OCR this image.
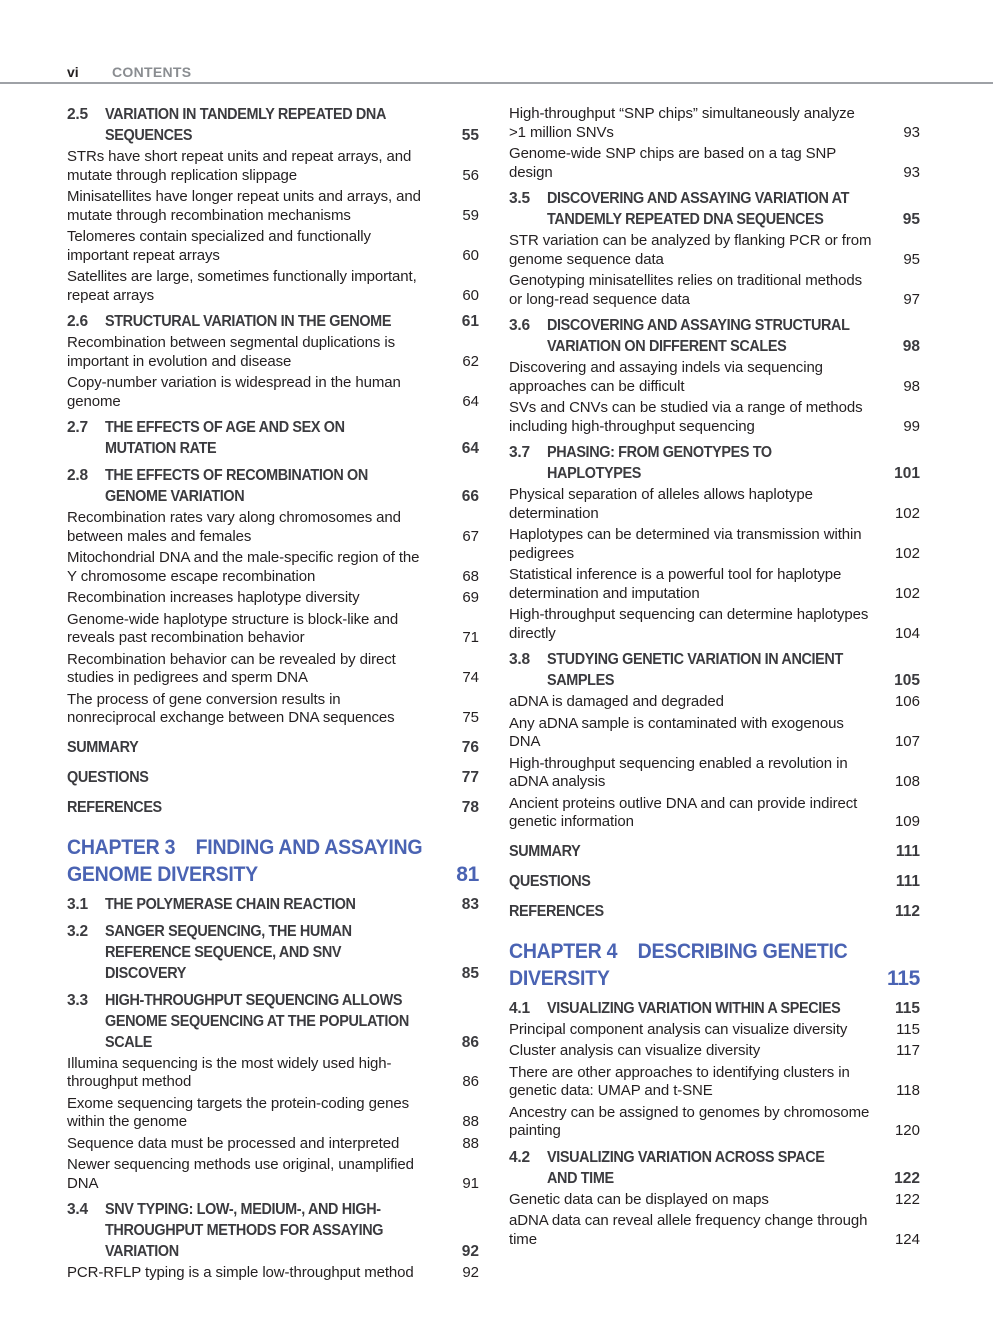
vi CONTENTS
2.5 VARIATION IN TANDEMLY REPEATED DNA SEQUENCES	55
STRs have short repeat units and repeat arrays, and mutate through replication slippage	56
Minisatellites have longer repeat units and arrays, and mutate through recombination mechanisms	59
Telomeres contain specialized and functionally important repeat arrays	60
Satellites are large, sometimes functionally important, repeat arrays	60
2.6 STRUCTURAL VARIATION IN THE GENOME	61
Recombination between segmental duplications is important in evolution and disease	62
Copy-number variation is widespread in the human genome	64
2.7 THE EFFECTS OF AGE AND SEX ON MUTATION RATE	64
2.8 THE EFFECTS OF RECOMBINATION ON GENOME VARIATION	66
Recombination rates vary along chromosomes and between males and females	67
Mitochondrial DNA and the male-specific region of the Y chromosome escape recombination	68
Recombination increases haplotype diversity	69
Genome-wide haplotype structure is block-like and reveals past recombination behavior	71
Recombination behavior can be revealed by direct studies in pedigrees and sperm DNA	74
The process of gene conversion results in nonreciprocal exchange between DNA sequences	75
SUMMARY	76
QUESTIONS	77
REFERENCES	78
CHAPTER 3 FINDING AND ASSAYING
GENOME DIVERSITY	81
3.1 THE POLYMERASE CHAIN REACTION	83
3.2 SANGER SEQUENCING, THE HUMAN REFERENCE SEQUENCE, AND SNV DISCOVERY	85
3.3 HIGH-THROUGHPUT SEQUENCING ALLOWS GENOME SEQUENCING AT THE POPULATION SCALE	86
Illumina sequencing is the most widely used high-throughput method	86
Exome sequencing targets the protein-coding genes within the genome	88
Sequence data must be processed and interpreted	88
Newer sequencing methods use original, unamplified DNA	91
3.4 SNV TYPING: LOW-, MEDIUM-, AND HIGH-THROUGHPUT METHODS FOR ASSAYING VARIATION	92
PCR-RFLP typing is a simple low-throughput method	92
High-throughput “SNP chips” simultaneously analyze >1 million SNVs	93
Genome-wide SNP chips are based on a tag SNP design	93
3.5 DISCOVERING AND ASSAYING VARIATION AT TANDEMLY REPEATED DNA SEQUENCES	95
STR variation can be analyzed by flanking PCR or from genome sequence data	95
Genotyping minisatellites relies on traditional methods or long-read sequence data	97
3.6 DISCOVERING AND ASSAYING STRUCTURAL VARIATION ON DIFFERENT SCALES	98
Discovering and assaying indels via sequencing approaches can be difficult	98
SVs and CNVs can be studied via a range of methods including high-throughput sequencing	99
3.7 PHASING: FROM GENOTYPES TO HAPLOTYPES	101
Physical separation of alleles allows haplotype determination	102
Haplotypes can be determined via transmission within pedigrees	102
Statistical inference is a powerful tool for haplotype determination and imputation	102
High-throughput sequencing can determine haplotypes directly	104
3.8 STUDYING GENETIC VARIATION IN ANCIENT SAMPLES	105
aDNA is damaged and degraded	106
Any aDNA sample is contaminated with exogenous DNA	107
High-throughput sequencing enabled a revolution in aDNA analysis	108
Ancient proteins outlive DNA and can provide indirect genetic information	109
SUMMARY	111
QUESTIONS	111
REFERENCES	112
CHAPTER 4 DESCRIBING GENETIC
DIVERSITY	115
4.1 VISUALIZING VARIATION WITHIN A SPECIES	115
Principal component analysis can visualize diversity	115
Cluster analysis can visualize diversity	117
There are other approaches to identifying clusters in genetic data: UMAP and t-SNE	118
Ancestry can be assigned to genomes by chromosome painting	120
4.2 VISUALIZING VARIATION ACROSS SPACE AND TIME	122
Genetic data can be displayed on maps	122
aDNA data can reveal allele frequency change through time	124
